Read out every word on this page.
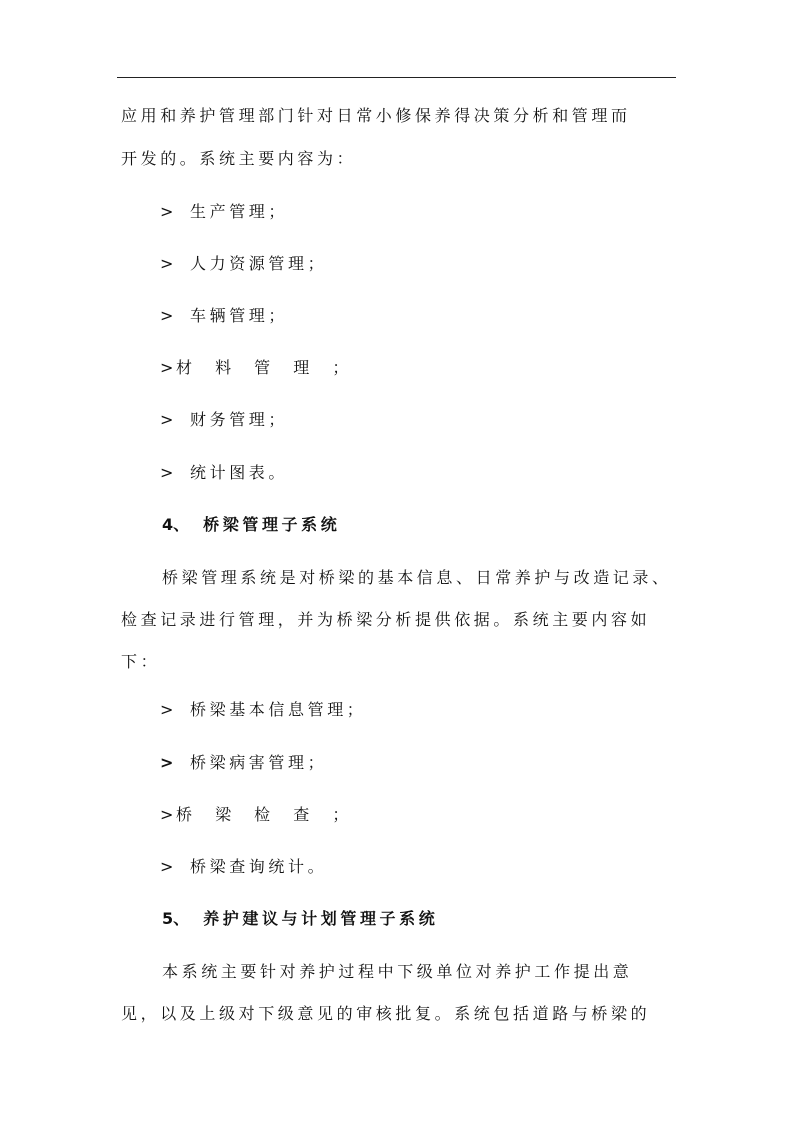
应用和养护管理部门针对日常小修保养得决策分析和管理而
开发的。系统主要内容为：
> 生产管理；
> 人力资源管理；
> 车辆管理；
> 材 料 管 理 ；
> 财务管理；
> 统计图表。
4、 桥梁管理子系统
桥梁管理系统是对桥梁的基本信息、日常养护与改造记录、
检查记录进行管理，并为桥梁分析提供依据。系统主要内容如
下：
> 桥梁基本信息管理；
> 桥梁病害管理；
> 桥 梁 检 查 ；
> 桥梁查询统计。
5、 养护建议与计划管理子系统
本系统主要针对养护过程中下级单位对养护工作提出意
见，以及上级对下级意见的审核批复。系统包括道路与桥梁的
